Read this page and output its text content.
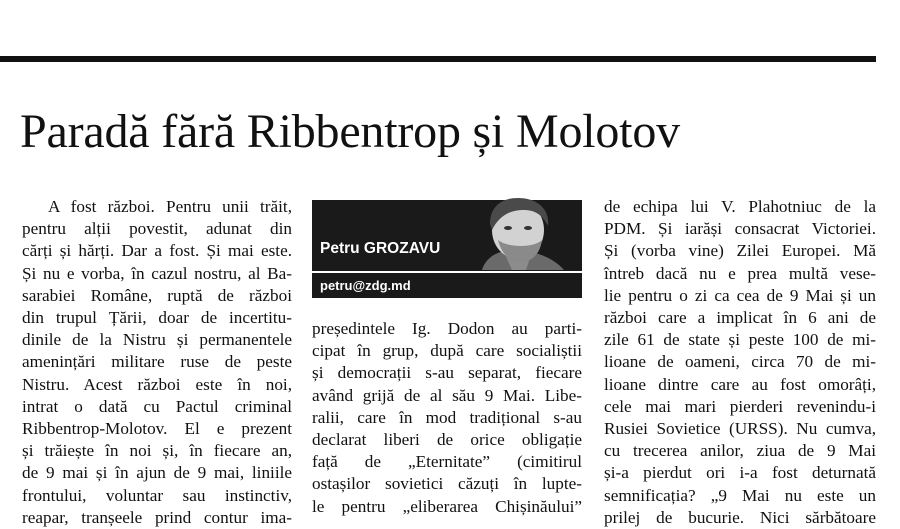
Paradă fără Ribbentrop și Molotov
A fost război. Pentru unii trăit,
pentru alții povestit, adunat din
cărți și hărți. Dar a fost. Și mai este.
Și nu e vorba, în cazul nostru, al Ba-
sarabiei Române, ruptă de război
din trupul Țării, doar de incertitu-
dinile de la Nistru și permanentele
amenințări militare ruse de peste
Nistru. Acest război este în noi,
intrat o dată cu Pactul criminal
Ribbentrop-Molotov. El e prezent
și trăiește în noi și, în fiecare an,
de 9 mai și în ajun de 9 mai, liniile
frontului, voluntar sau instinctiv,
reapar, tranșeele prind contur ima-
Petru GROZAVU
petru@zdg.md
președintele Ig. Dodon au parti-
cipat în grup, după care socialiștii
și democrații s-au separat, fiecare
având grijă de al său 9 Mai. Libe-
ralii, care în mod tradițional s-au
declarat liberi de orice obligație
față de „Eternitate” (cimitirul
ostașilor sovietici căzuți în lupte-
le pentru „eliberarea Chișinăului”
de echipa lui V. Plahotniuc de la
PDM. Și iarăși consacrat Victoriei.
Și (vorba vine) Zilei Europei. Mă
întreb dacă nu e prea multă vese-
lie pentru o zi ca cea de 9 Mai și un
război care a implicat în 6 ani de
zile 61 de state și peste 100 de mi-
lioane de oameni, circa 70 de mi-
lioane dintre care au fost omorâți,
cele mai mari pierderi revenindu-i
Rusiei Sovietice (URSS). Nu cumva,
cu trecerea anilor, ziua de 9 Mai
și-a pierdut ori i-a fost deturnată
semnificația? „9 Mai nu este un
prilej de bucurie. Nici sărbătoare
